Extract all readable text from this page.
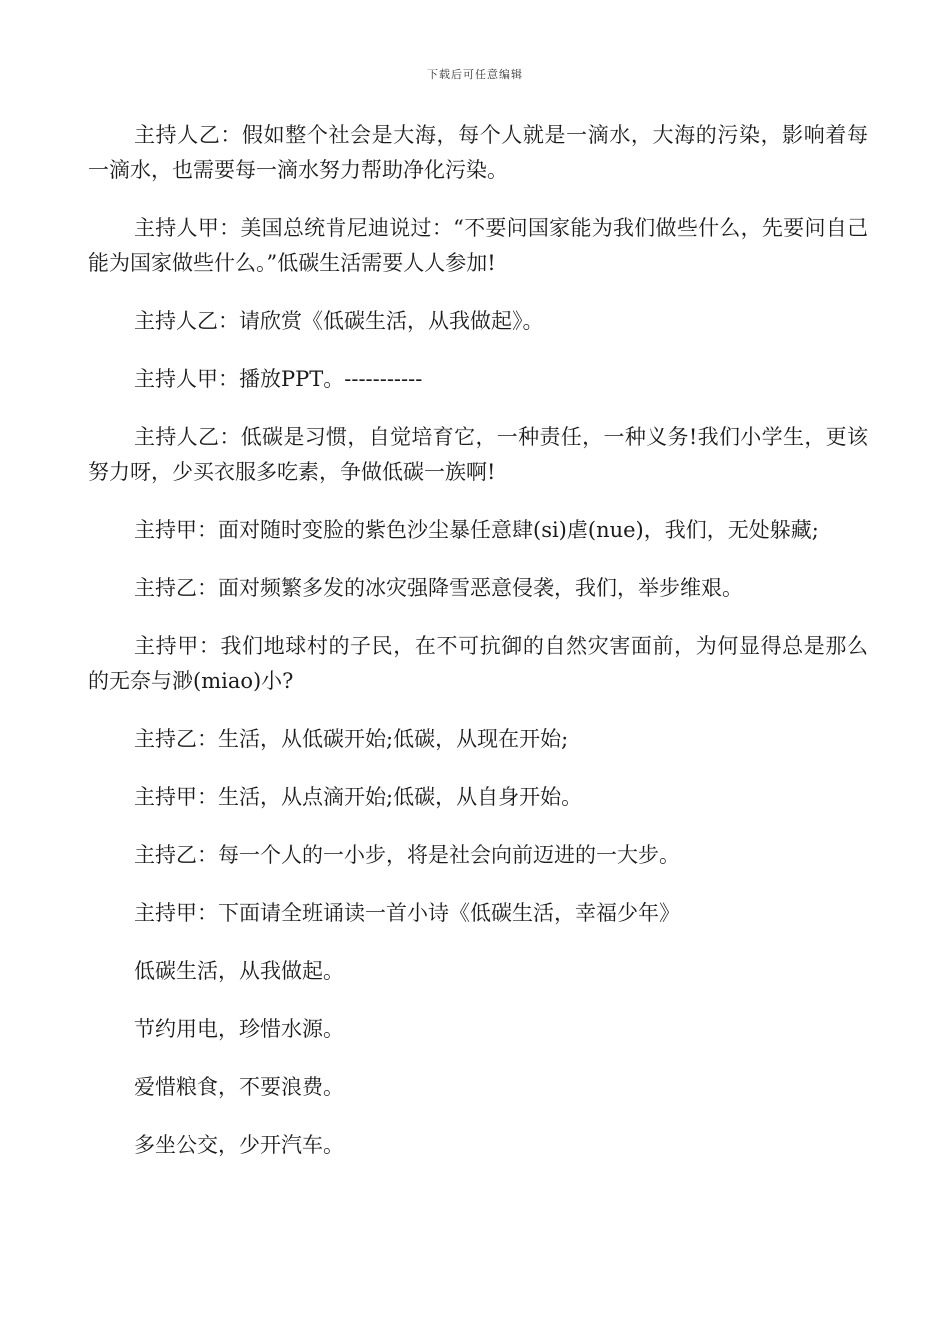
下载后可任意编辑

主持人乙：假如整个社会是大海，每个人就是一滴水，大海的污染，影响着每一滴水，也需要每一滴水努力帮助净化污染。

主持人甲：美国总统肯尼迪说过：“不要问国家能为我们做些什么，先要问自己能为国家做些什么。”低碳生活需要人人参加!

主持人乙：请欣赏《低碳生活，从我做起》。

主持人甲：播放PPT。-----------

主持人乙：低碳是习惯，自觉培育它，一种责任，一种义务!我们小学生，更该努力呀，少买衣服多吃素，争做低碳一族啊!

主持甲：面对随时变脸的紫色沙尘暴任意肆(si)虐(nue)，我们，无处躲藏;

主持乙：面对频繁多发的冰灾强降雪恶意侵袭，我们，举步维艰。

主持甲：我们地球村的子民，在不可抗御的自然灾害面前，为何显得总是那么的无奈与渺(miao)小?

主持乙：生活，从低碳开始;低碳，从现在开始;

主持甲：生活，从点滴开始;低碳，从自身开始。

主持乙：每一个人的一小步，将是社会向前迈进的一大步。

主持甲：下面请全班诵读一首小诗《低碳生活，幸福少年》

低碳生活，从我做起。

节约用电，珍惜水源。

爱惜粮食，不要浪费。

多坐公交，少开汽车。
